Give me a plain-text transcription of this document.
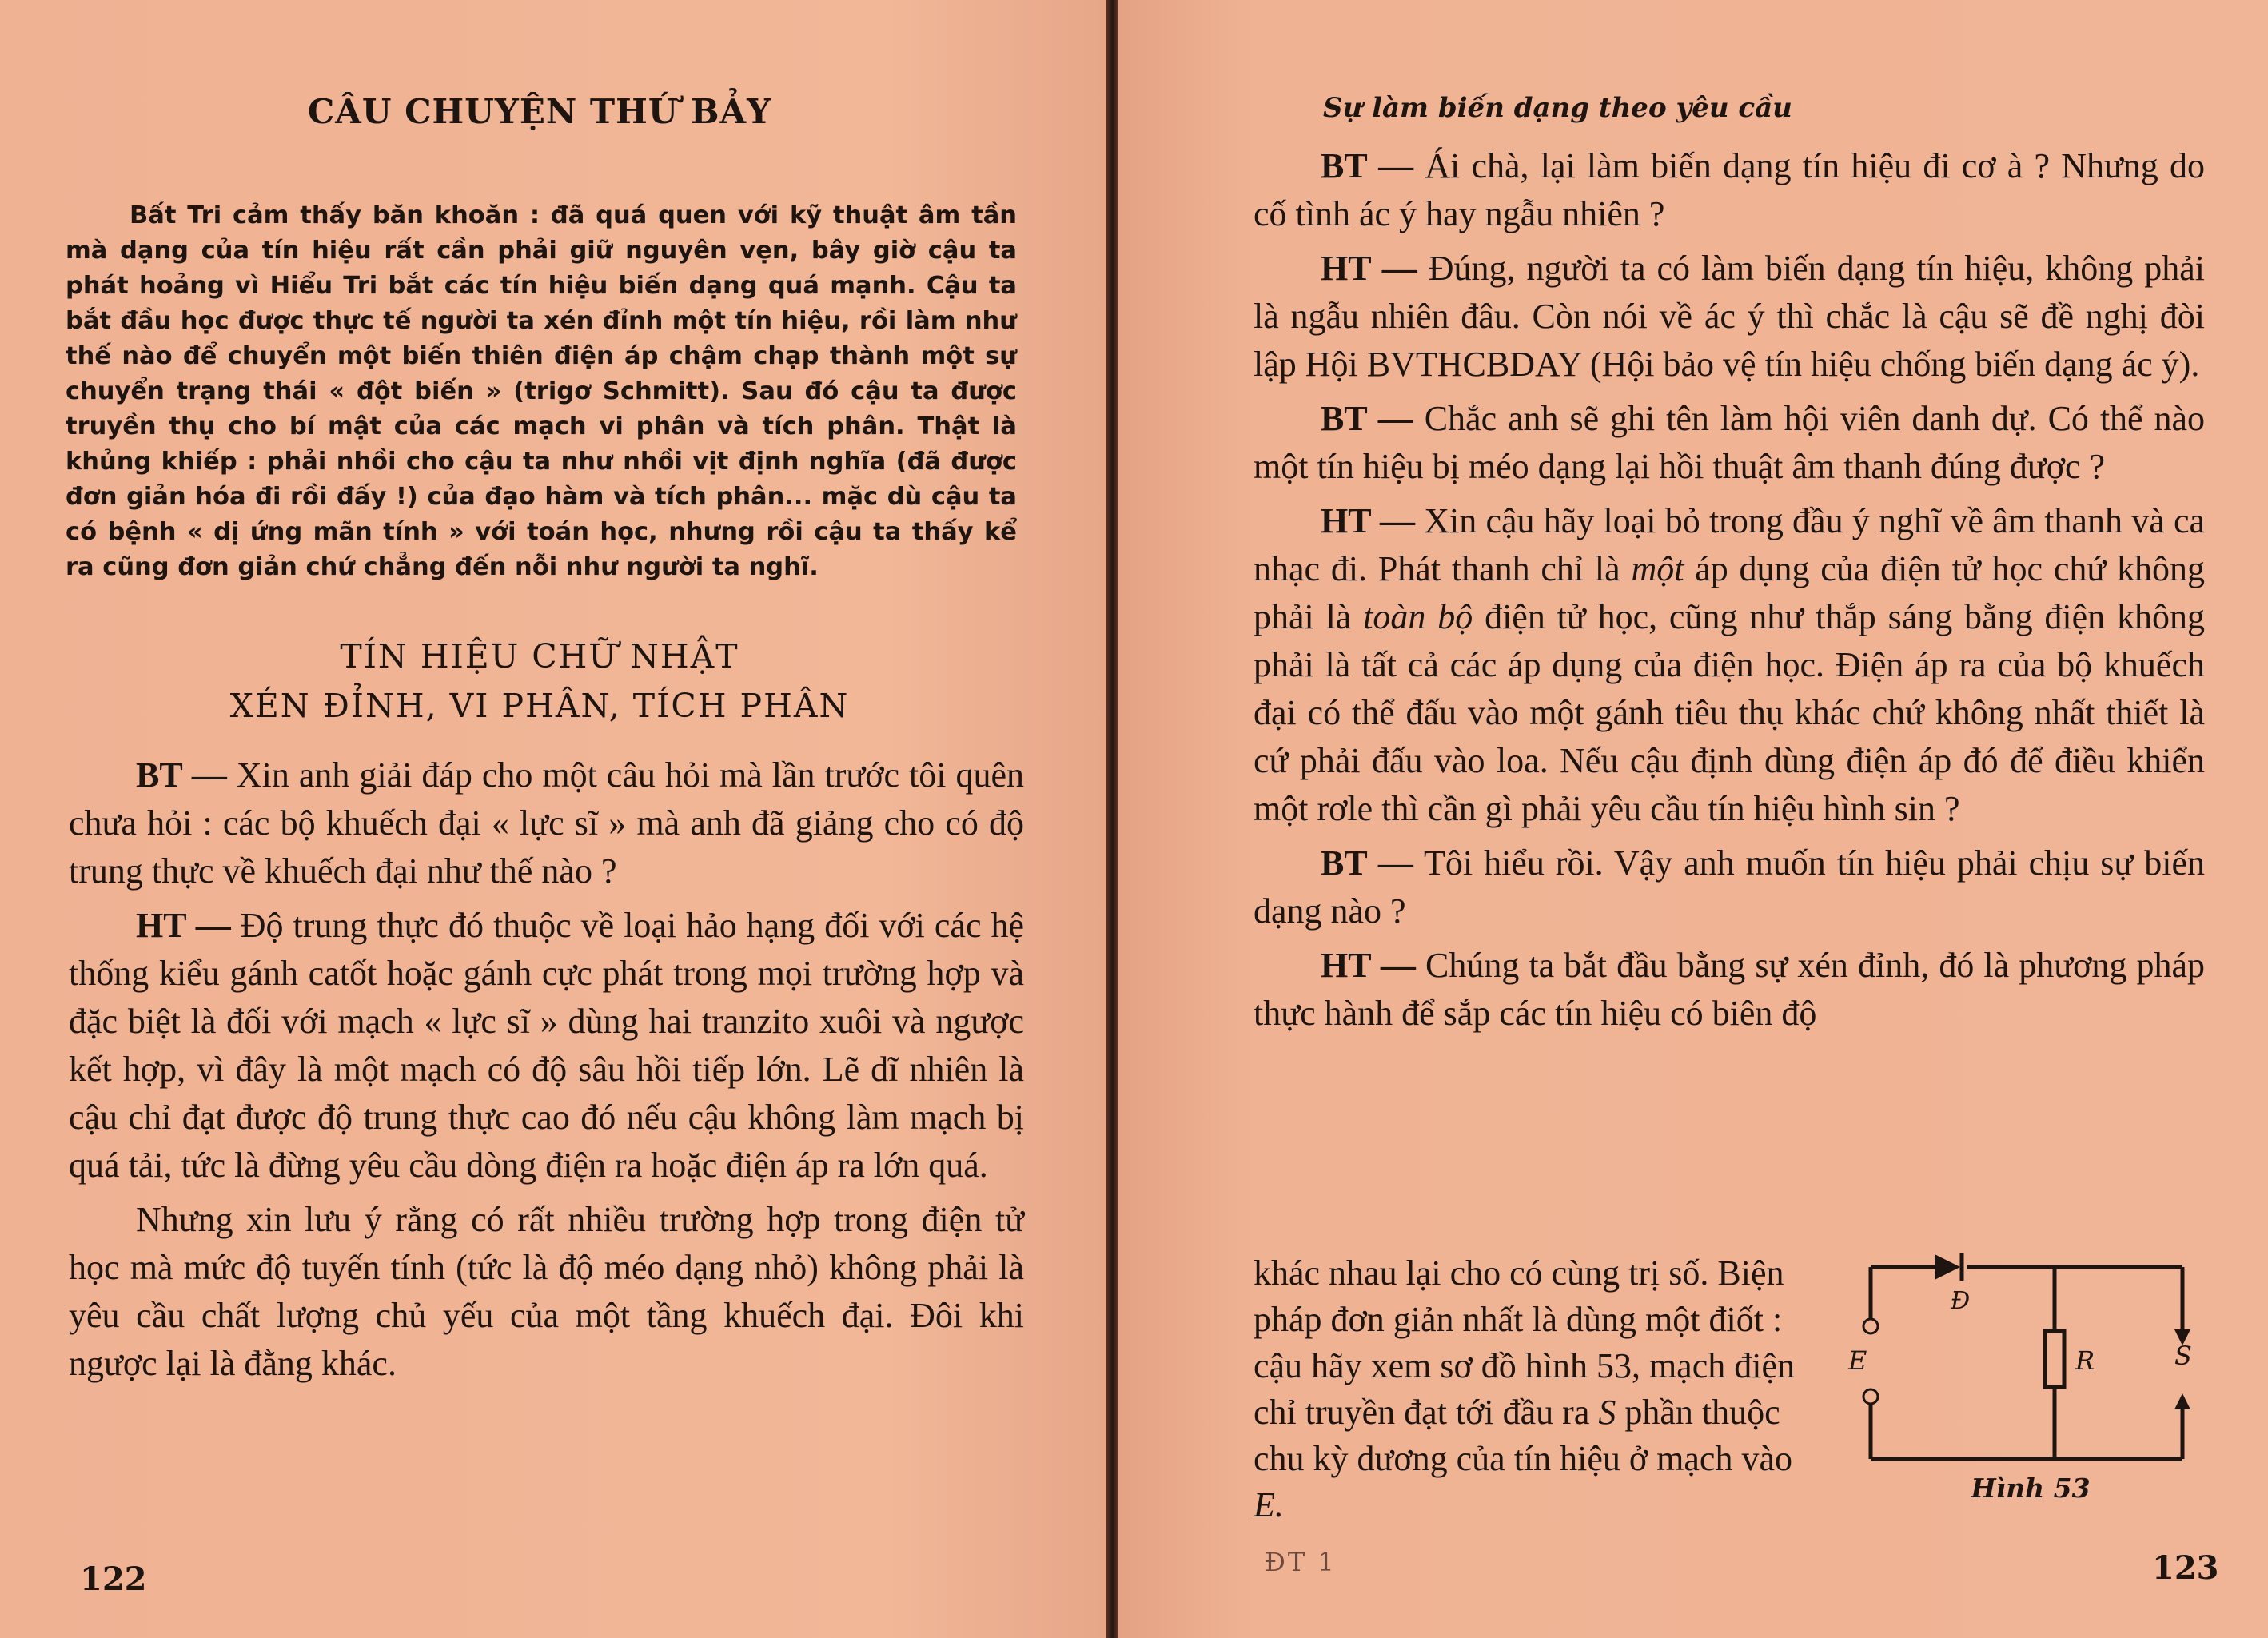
CÂU CHUYỆN THỨ BẢY

Bất Tri cảm thấy băn khoăn : đã quá quen với kỹ thuật âm tần mà dạng của tín hiệu rất cần phải giữ nguyên vẹn, bây giờ cậu ta phát hoảng vì Hiểu Tri bắt các tín hiệu biến dạng quá mạnh. Cậu ta bắt đầu học được thực tế người ta xén đỉnh một tín hiệu, rồi làm như thế nào để chuyển một biến thiên điện áp chậm chạp thành một sự chuyển trạng thái « đột biến » (trigơ Schmitt). Sau đó cậu ta được truyền thụ cho bí mật của các mạch vi phân và tích phân. Thật là khủng khiếp : phải nhồi cho cậu ta như nhồi vịt định nghĩa (đã được đơn giản hóa đi rồi đấy !) của đạo hàm và tích phân... mặc dù cậu ta có bệnh « dị ứng mãn tính » với toán học, nhưng rồi cậu ta thấy kể ra cũng đơn giản chứ chẳng đến nỗi như người ta nghĩ.

TÍN HIỆU CHỮ NHẬT
XÉN ĐỈNH, VI PHÂN, TÍCH PHÂN

BT — Xin anh giải đáp cho một câu hỏi mà lần trước tôi quên chưa hỏi : các bộ khuếch đại « lực sĩ » mà anh đã giảng cho có độ trung thực về khuếch đại như thế nào ?

HT — Độ trung thực đó thuộc về loại hảo hạng đối với các hệ thống kiểu gánh catốt hoặc gánh cực phát trong mọi trường hợp và đặc biệt là đối với mạch « lực sĩ » dùng hai tranzito xuôi và ngược kết hợp, vì đây là một mạch có độ sâu hồi tiếp lớn. Lẽ dĩ nhiên là cậu chỉ đạt được độ trung thực cao đó nếu cậu không làm mạch bị quá tải, tức là đừng yêu cầu dòng điện ra hoặc điện áp ra lớn quá.

Nhưng xin lưu ý rằng có rất nhiều trường hợp trong điện tử học mà mức độ tuyến tính (tức là độ méo dạng nhỏ) không phải là yêu cầu chất lượng chủ yếu của một tầng khuếch đại. Đôi khi ngược lại là đằng khác.

122
Sự làm biến dạng theo yêu cầu

BT — Ái chà, lại làm biến dạng tín hiệu đi cơ à ? Nhưng do cố tình ác ý hay ngẫu nhiên ?

HT — Đúng, người ta có làm biến dạng tín hiệu, không phải là ngẫu nhiên đâu. Còn nói về ác ý thì chắc là cậu sẽ đề nghị đòi lập Hội BVTHCBDAY (Hội bảo vệ tín hiệu chống biến dạng ác ý).

BT — Chắc anh sẽ ghi tên làm hội viên danh dự. Có thể nào một tín hiệu bị méo dạng lại hồi thuật âm thanh đúng được ?

HT — Xin cậu hãy loại bỏ trong đầu ý nghĩ về âm thanh và ca nhạc đi. Phát thanh chỉ là một áp dụng của điện tử học chứ không phải là toàn bộ điện tử học, cũng như thắp sáng bằng điện không phải là tất cả các áp dụng của điện học. Điện áp ra của bộ khuếch đại có thể đấu vào một gánh tiêu thụ khác chứ không nhất thiết là cứ phải đấu vào loa. Nếu cậu định dùng điện áp đó để điều khiển một rơle thì cần gì phải yêu cầu tín hiệu hình sin ?

BT — Tôi hiểu rồi. Vậy anh muốn tín hiệu phải chịu sự biến dạng nào ?

HT — Chúng ta bắt đầu bằng sự xén đỉnh, đó là phương pháp thực hành để sắp các tín hiệu có biên độ

khác nhau lại cho có cùng trị số. Biện pháp đơn giản nhất là dùng một điốt : cậu hãy xem sơ đồ hình 53, mạch điện chỉ truyền đạt tới đầu ra S phần thuộc chu kỳ dương của tín hiệu ở mạch vào E.

Đ
R
E	S
Hình 53
ĐT 1	123
